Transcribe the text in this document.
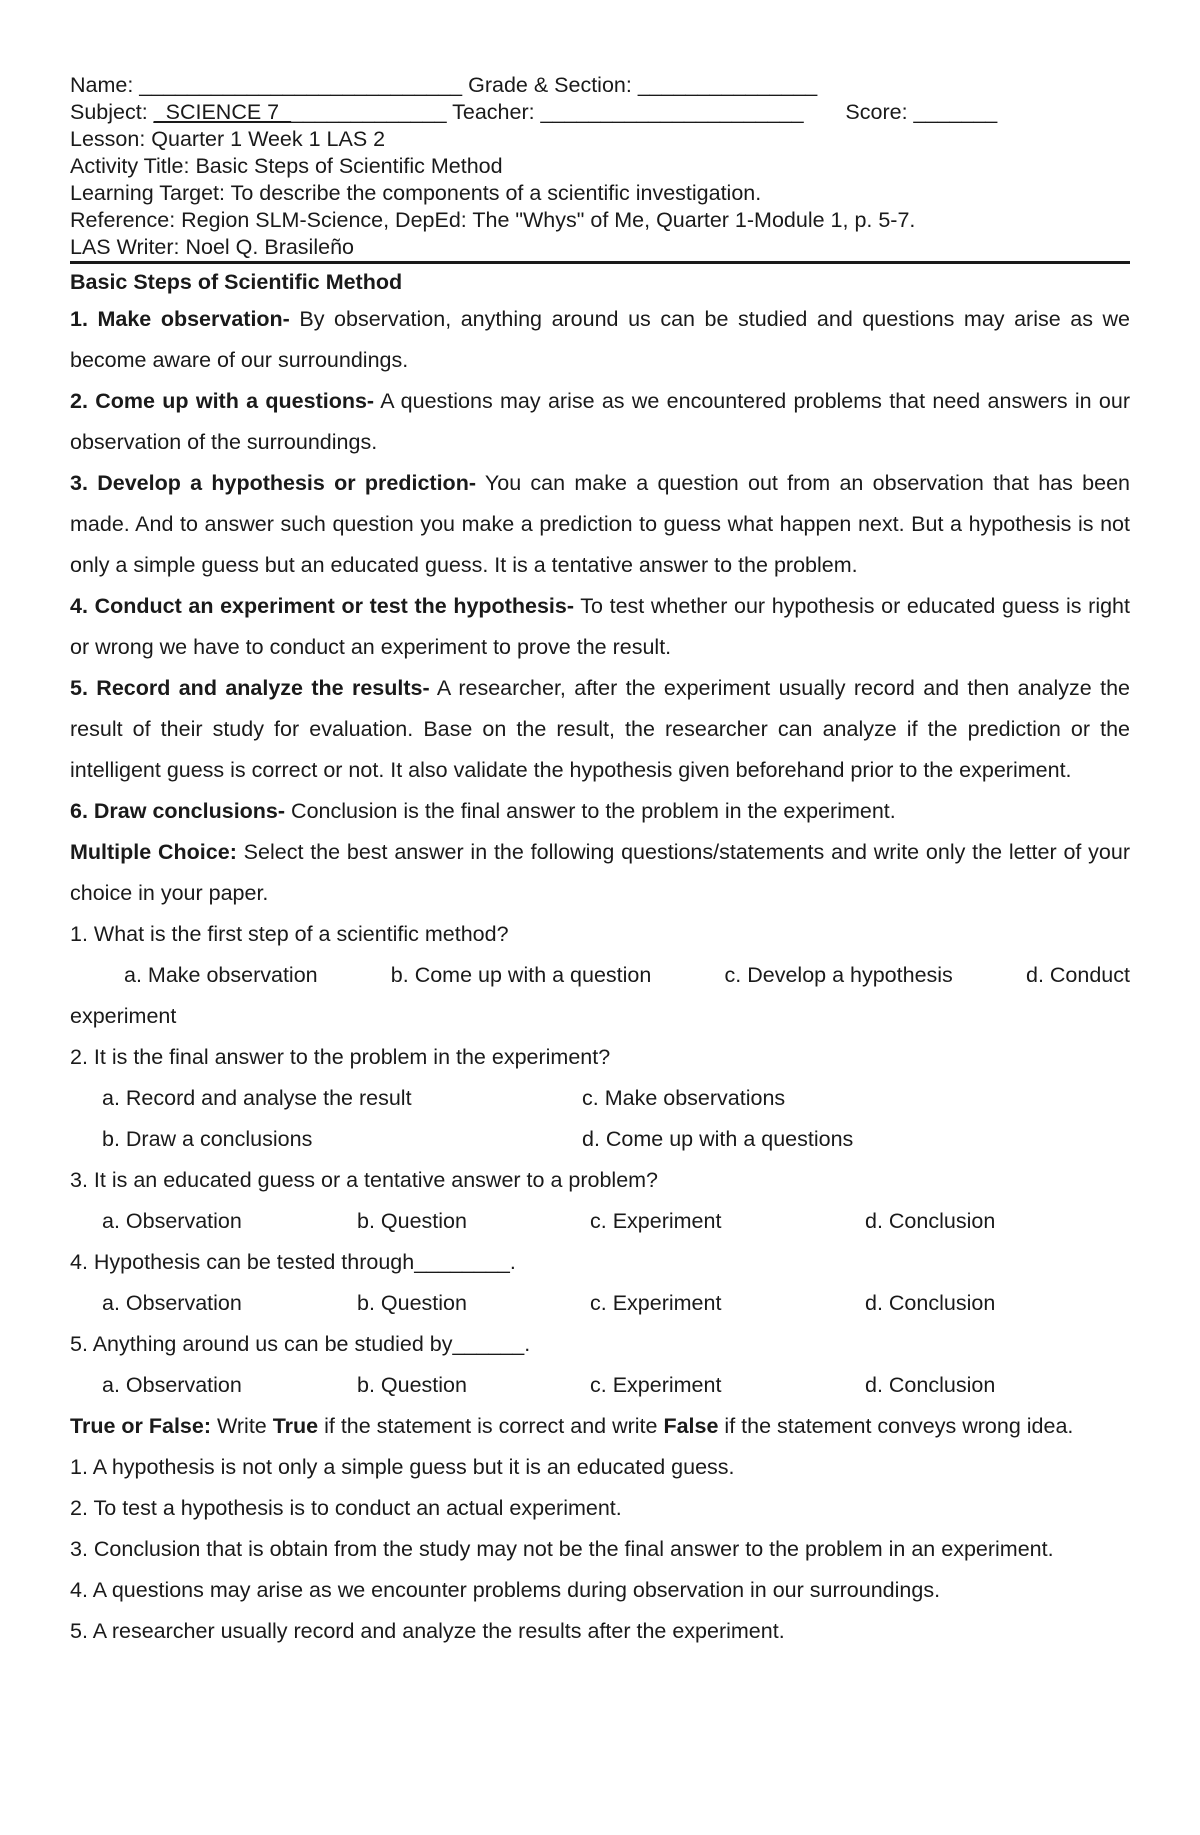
Name: ___________________________ Grade & Section: _______________
Subject: _SCIENCE 7______________ Teacher: ______________________       Score: _______
Lesson: Quarter 1 Week 1 LAS 2
Activity Title: Basic Steps of Scientific Method
Learning Target: To describe the components of a scientific investigation.
Reference: Region SLM-Science, DepEd: The "Whys" of Me, Quarter 1-Module 1, p. 5-7.
LAS Writer: Noel Q. Brasileño
Basic Steps of Scientific Method

1. Make observation- By observation, anything around us can be studied and questions may arise as we become aware of our surroundings.

2. Come up with a questions- A questions may arise as we encountered problems that need answers in our observation of the surroundings.

3. Develop a hypothesis or prediction- You can make a question out from an observation that has been made. And to answer such question you make a prediction to guess what happen next. But a hypothesis is not only a simple guess but an educated guess. It is a tentative answer to the problem.

4. Conduct an experiment or test the hypothesis- To test whether our hypothesis or educated guess is right or wrong we have to conduct an experiment to prove the result.

5. Record and analyze the results- A researcher, after the experiment usually record and then analyze the result of their study for evaluation. Base on the result, the researcher can analyze if the prediction or the intelligent guess is correct or not. It also validate the hypothesis given beforehand prior to the experiment.

6. Draw conclusions- Conclusion is the final answer to the problem in the experiment.

Multiple Choice: Select the best answer in the following questions/statements and write only the letter of your choice in your paper.

1. What is the first step of a scientific method?
a. Make observation	b. Come up with a question	c. Develop a hypothesis	d. Conduct
experiment
2. It is the final answer to the problem in the experiment?
a. Record and analyse the result	c. Make observations
b. Draw a conclusions	d. Come up with a questions
3. It is an educated guess or a tentative answer to a problem?
a. Observation	b. Question	c. Experiment	d. Conclusion
4. Hypothesis can be tested through________.
a. Observation	b. Question	c. Experiment	d. Conclusion
5. Anything around us can be studied by______.
a. Observation	b. Question	c. Experiment	d. Conclusion

True or False: Write True if the statement is correct and write False if the statement conveys wrong idea.

1. A hypothesis is not only a simple guess but it is an educated guess.

2. To test a hypothesis is to conduct an actual experiment.

3. Conclusion that is obtain from the study may not be the final answer to the problem in an experiment.

4. A questions may arise as we encounter problems during observation in our surroundings.

5. A researcher usually record and analyze the results after the experiment.
